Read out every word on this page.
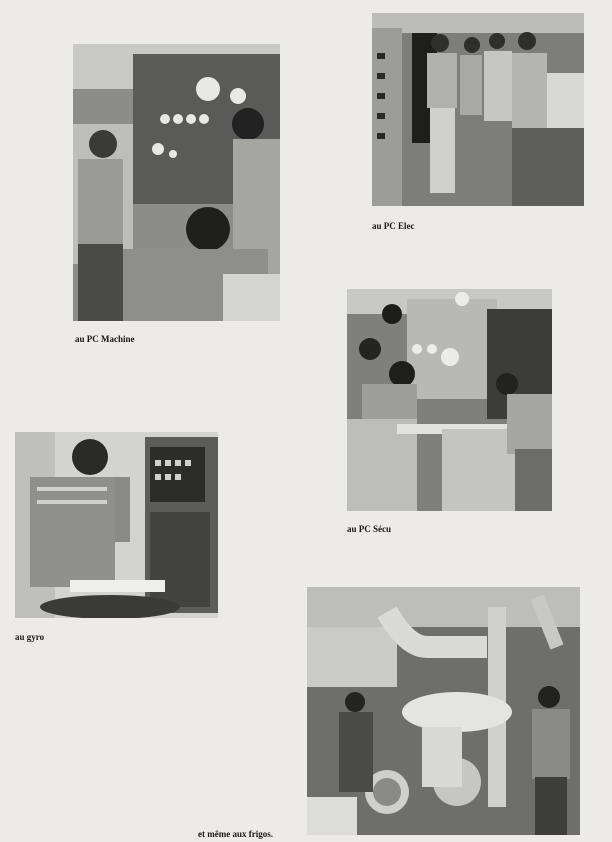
au PC Machine
au PC Elec
au PC Sécu
au gyro
et même aux frigos.
